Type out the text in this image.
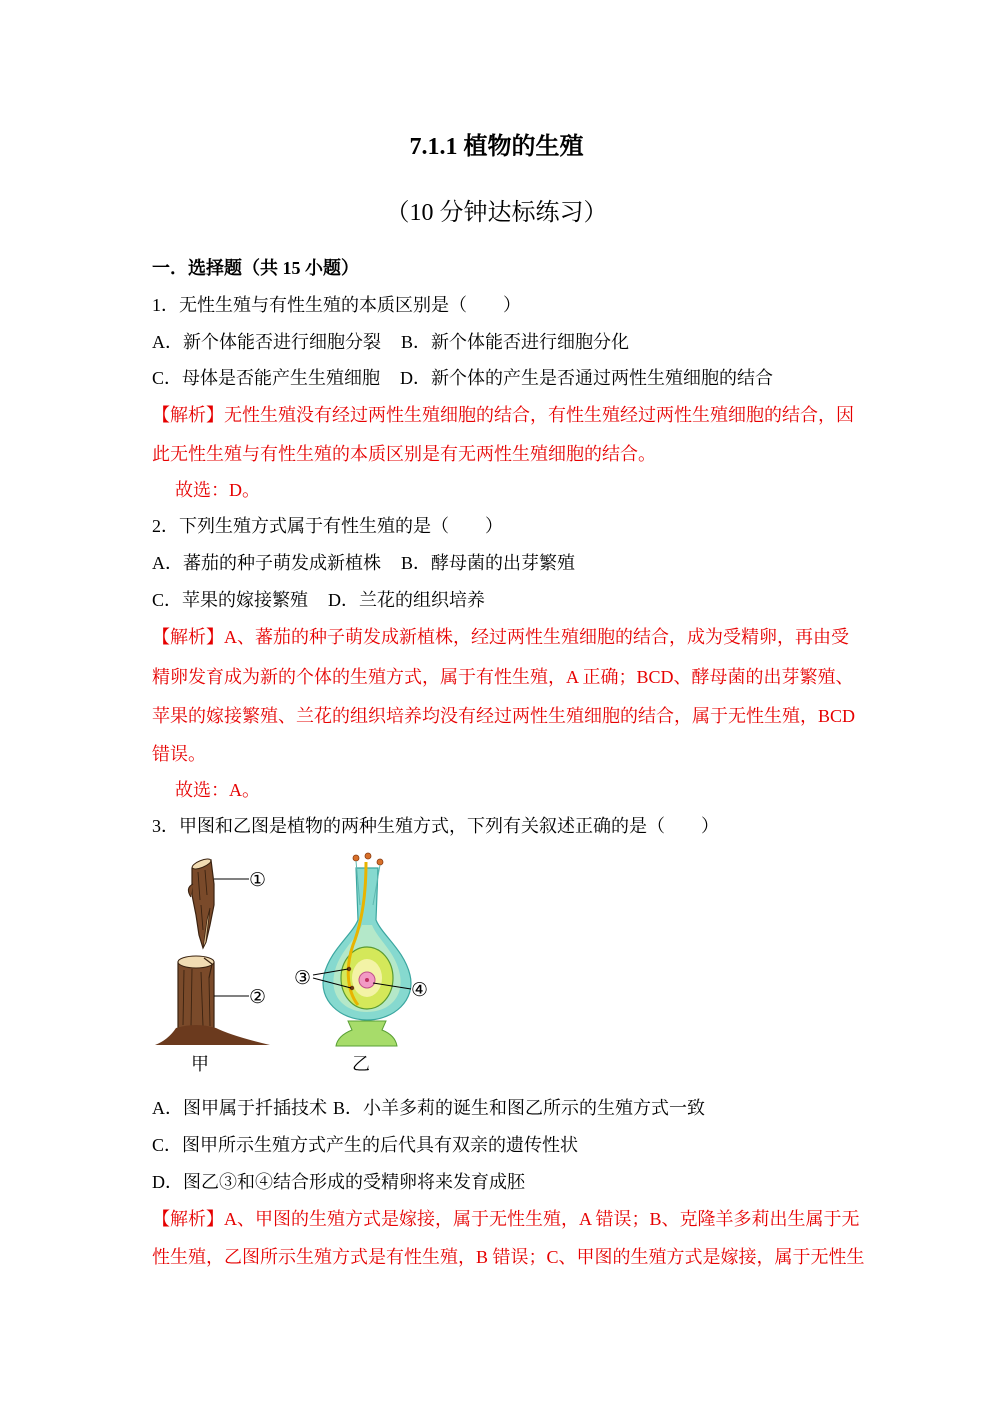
7.1.1 植物的生殖
（10 分钟达标练习）
一．选择题（共 15 小题）
1．无性生殖与有性生殖的本质区别是（　　）
A．新个体能否进行细胞分裂 B．新个体能否进行细胞分化
C．母体是否能产生生殖细胞 D．新个体的产生是否通过两性生殖细胞的结合
【解析】无性生殖没有经过两性生殖细胞的结合，有性生殖经过两性生殖细胞的结合，因
此无性生殖与有性生殖的本质区别是有无两性生殖细胞的结合。
故选：D。
2．下列生殖方式属于有性生殖的是（　　）
A．蕃茄的种子萌发成新植株 B．酵母菌的出芽繁殖
C．苹果的嫁接繁殖 D．兰花的组织培养
【解析】A、蕃茄的种子萌发成新植株，经过两性生殖细胞的结合，成为受精卵，再由受
精卵发育成为新的个体的生殖方式，属于有性生殖，A 正确；BCD、酵母菌的出芽繁殖、
苹果的嫁接繁殖、兰花的组织培养均没有经过两性生殖细胞的结合，属于无性生殖，BCD
错误。
故选：A。
3．甲图和乙图是植物的两种生殖方式，下列有关叙述正确的是（　　）
①
②
甲
③
④
乙
A．图甲属于扦插技术 B．小羊多莉的诞生和图乙所示的生殖方式一致
C．图甲所示生殖方式产生的后代具有双亲的遗传性状
D．图乙③和④结合形成的受精卵将来发育成胚
【解析】A、甲图的生殖方式是嫁接，属于无性生殖，A 错误；B、克隆羊多莉出生属于无
性生殖，乙图所示生殖方式是有性生殖，B 错误；C、甲图的生殖方式是嫁接，属于无性生
